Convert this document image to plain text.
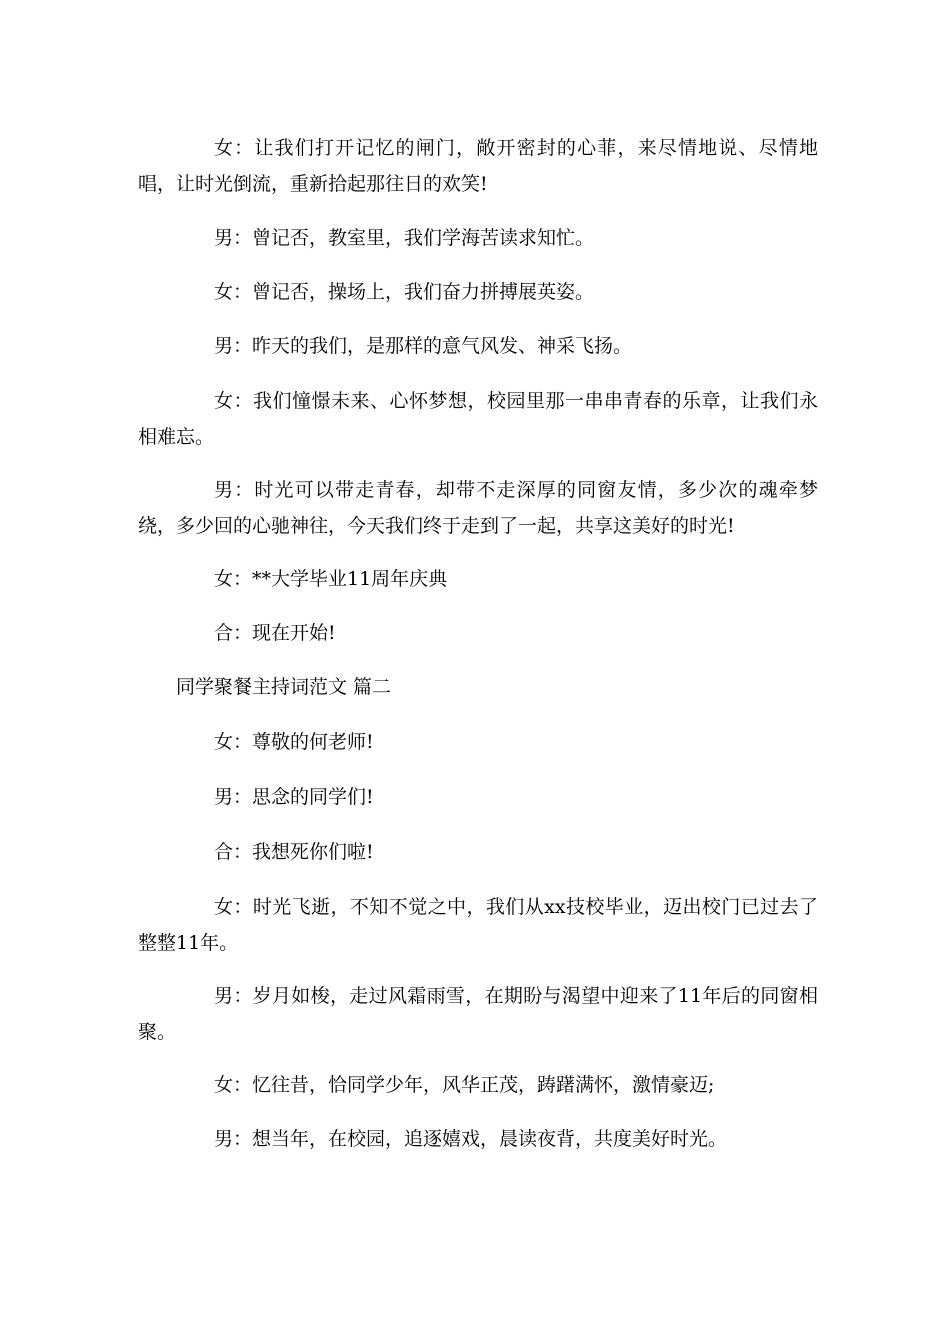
女：让我们打开记忆的闸门，敞开密封的心菲，来尽情地说、尽情地唱，让时光倒流，重新拾起那往日的欢笑!

男：曾记否，教室里，我们学海苦读求知忙。

女：曾记否，操场上，我们奋力拼搏展英姿。

男：昨天的我们，是那样的意气风发、神采飞扬。

女：我们憧憬未来、心怀梦想，校园里那一串串青春的乐章，让我们永相难忘。

男：时光可以带走青春，却带不走深厚的同窗友情，多少次的魂牵梦绕，多少回的心驰神往，今天我们终于走到了一起，共享这美好的时光!

女：**大学毕业11周年庆典

合：现在开始!

同学聚餐主持词范文 篇二

女：尊敬的何老师!

男：思念的同学们!

合：我想死你们啦!

女：时光飞逝，不知不觉之中，我们从xx技校毕业，迈出校门已过去了整整11年。

男：岁月如梭，走过风霜雨雪，在期盼与渴望中迎来了11年后的同窗相聚。

女：忆往昔，恰同学少年，风华正茂，踌躇满怀，激情豪迈;

男：想当年，在校园，追逐嬉戏，晨读夜背，共度美好时光。
